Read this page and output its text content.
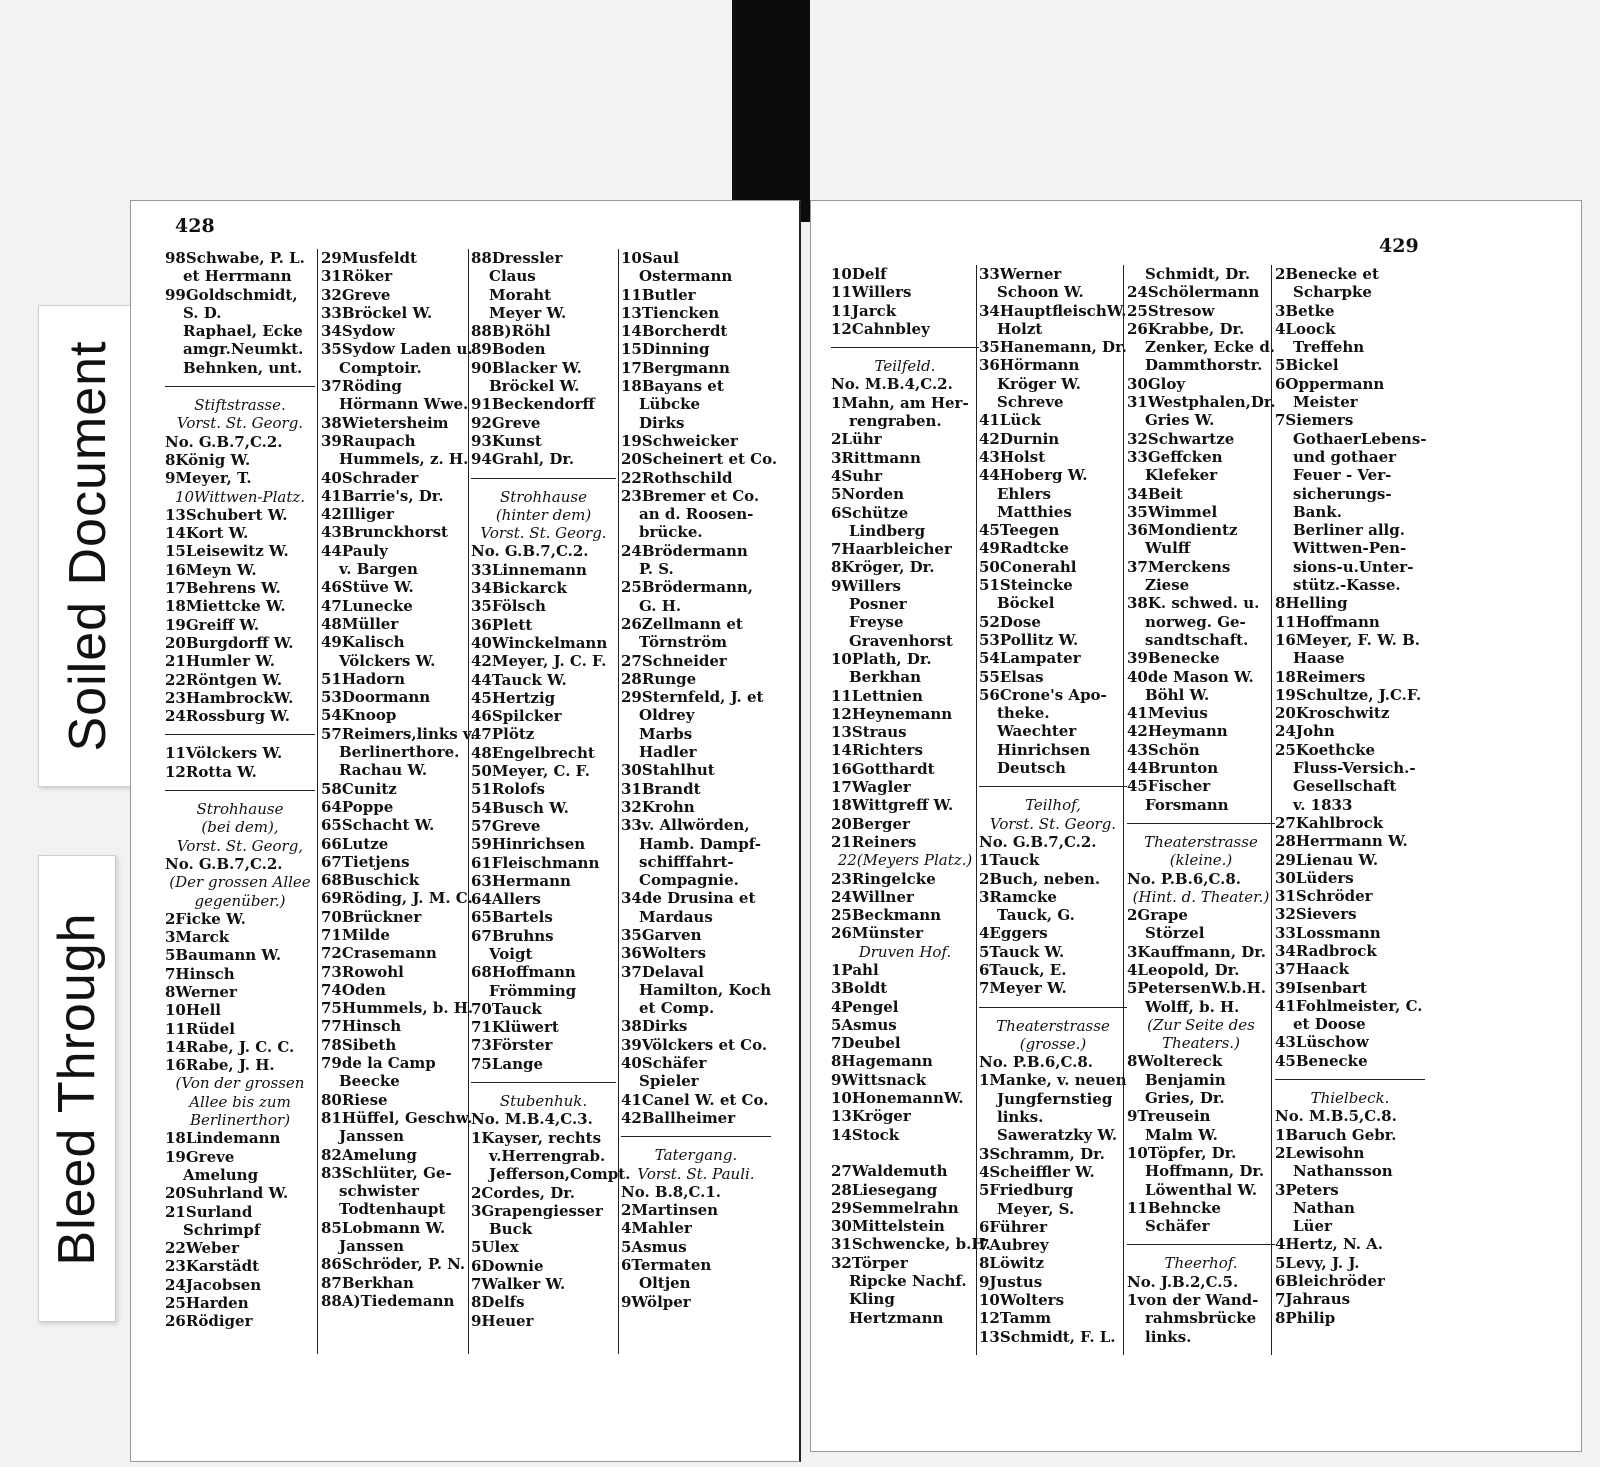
Soiled Document
Bleed Through
428
98Schwabe, P. L.
et Herrmann
99Goldschmidt,
S. D.
Raphael, Ecke
amgr.Neumkt.
Behnken, unt.
Stiftstrasse.
Vorst. St. Georg.
No. G.B.7,C.2.
8König W.
9Meyer, T.
10Wittwen-Platz.
13Schubert W.
14Kort W.
15Leisewitz W.
16Meyn W.
17Behrens W.
18Miettcke W.
19Greiff W.
20Burgdorff W.
21Humler W.
22Röntgen W.
23HambrockW.
24Rossburg W.
11Völckers W.
12Rotta W.
Strohhause
(bei dem),
Vorst. St. Georg,
No. G.B.7,C.2.
(Der grossen Allee
gegenüber.)
2Ficke W.
3Marck
5Baumann W.
7Hinsch
8Werner
10Hell
11Rüdel
14Rabe, J. C. C.
16Rabe, J. H.
(Von der grossen
Allee bis zum
Berlinerthor)
18Lindemann
19Greve
Amelung
20Suhrland W.
21Surland
Schrimpf
22Weber
23Karstädt
24Jacobsen
25Harden
26Rödiger
29Musfeldt
31Röker
32Greve
33Bröckel W.
34Sydow
35Sydow Laden u.
Comptoir.
37Röding
Hörmann Wwe.
38Wietersheim
39Raupach
Hummels, z. H.
40Schrader
41Barrie's, Dr.
42Illiger
43Brunckhorst
44Pauly
v. Bargen
46Stüve W.
47Lunecke
48Müller
49Kalisch
Völckers W.
51Hadorn
53Doormann
54Knoop
57Reimers,links v.
Berlinerthore.
Rachau W.
58Cunitz
64Poppe
65Schacht W.
66Lutze
67Tietjens
68Buschick
69Röding, J. M. C.
70Brückner
71Milde
72Crasemann
73Rowohl
74Oden
75Hummels, b. H.
77Hinsch
78Sibeth
79de la Camp
Beecke
80Riese
81Hüffel, Geschw.
Janssen
82Amelung
83Schlüter, Ge-
schwister
Todtenhaupt
85Lobmann W.
Janssen
86Schröder, P. N.
87Berkhan
88A)Tiedemann
88Dressler
Claus
Moraht
Meyer W.
88B)Röhl
89Boden
90Blacker W.
Bröckel W.
91Beckendorff
92Greve
93Kunst
94Grahl, Dr.
Strohhause
(hinter dem)
Vorst. St. Georg.
No. G.B.7,C.2.
33Linnemann
34Bickarck
35Fölsch
36Plett
40Winckelmann
42Meyer, J. C. F.
44Tauck W.
45Hertzig
46Spilcker
47Plötz
48Engelbrecht
50Meyer, C. F.
51Rolofs
54Busch W.
57Greve
59Hinrichsen
61Fleischmann
63Hermann
64Allers
65Bartels
67Bruhns
Voigt
68Hoffmann
Frömming
70Tauck
71Klüwert
73Förster
75Lange
Stubenhuk.
No. M.B.4,C.3.
1Kayser, rechts
v.Herrengrab.
Jefferson,Compt.
2Cordes, Dr.
3Grapengiesser
Buck
5Ulex
6Downie
7Walker W.
8Delfs
9Heuer
10Saul
Ostermann
11Butler
13Tiencken
14Borcherdt
15Dinning
17Bergmann
18Bayans et
Lübcke
Dirks
19Schweicker
20Scheinert et Co.
22Rothschild
23Bremer et Co.
an d. Roosen-
brücke.
24Brödermann
P. S.
25Brödermann,
G. H.
26Zellmann et
Törnström
27Schneider
28Runge
29Sternfeld, J. et
Oldrey
Marbs
Hadler
30Stahlhut
31Brandt
32Krohn
33v. Allwörden,
Hamb. Dampf-
schifffahrt-
Compagnie.
34de Drusina et
Mardaus
35Garven
36Wolters
37Delaval
Hamilton, Koch
et Comp.
38Dirks
39Völckers et Co.
40Schäfer
Spieler
41Canel W. et Co.
42Ballheimer
Tatergang.
Vorst. St. Pauli.
No. B.8,C.1.
2Martinsen
4Mahler
5Asmus
6Termaten
Oltjen
9Wölper
429
10Delf
11Willers
11Jarck
12Cahnbley
Teilfeld.
No. M.B.4,C.2.
1Mahn, am Her-
rengraben.
2Lühr
3Rittmann
4Suhr
5Norden
6Schütze
Lindberg
7Haarbleicher
8Kröger, Dr.
9Willers
Posner
Freyse
Gravenhorst
10Plath, Dr.
Berkhan
11Lettnien
12Heynemann
13Straus
14Richters
16Gotthardt
17Wagler
18Wittgreff W.
20Berger
21Reiners
22(Meyers Platz.)
23Ringelcke
24Willner
25Beckmann
26Münster
Druven Hof.
1Pahl
3Boldt
4Pengel
5Asmus
7Deubel
8Hagemann
9Wittsnack
10HonemannW.
13Kröger
14Stock
27Waldemuth
28Liesegang
29Semmelrahn
30Mittelstein
31Schwencke, b.H.
32Törper
Ripcke Nachf.
Kling
Hertzmann
33Werner
Schoon W.
34HauptfleischW.
Holzt
35Hanemann, Dr.
36Hörmann
Kröger W.
Schreve
41Lück
42Durnin
43Holst
44Hoberg W.
Ehlers
Matthies
45Teegen
49Radtcke
50Conerahl
51Steincke
Böckel
52Dose
53Pollitz W.
54Lampater
55Elsas
56Crone's Apo-
theke.
Waechter
Hinrichsen
Deutsch
Teilhof,
Vorst. St. Georg.
No. G.B.7,C.2.
1Tauck
2Buch, neben.
3Ramcke
Tauck, G.
4Eggers
5Tauck W.
6Tauck, E.
7Meyer W.
Theaterstrasse
(grosse.)
No. P.B.6,C.8.
1Manke, v. neuen
Jungfernstieg
links.
Saweratzky W.
3Schramm, Dr.
4Scheiffler W.
5Friedburg
Meyer, S.
6Führer
7Aubrey
8Löwitz
9Justus
10Wolters
12Tamm
13Schmidt, F. L.
Schmidt, Dr.
24Schölermann
25Stresow
26Krabbe, Dr.
Zenker, Ecke d.
Dammthorstr.
30Gloy
31Westphalen,Dr.
Gries W.
32Schwartze
33Geffcken
Klefeker
34Beit
35Wimmel
36Mondientz
Wulff
37Merckens
Ziese
38K. schwed. u.
norweg. Ge-
sandtschaft.
39Benecke
40de Mason W.
Böhl W.
41Mevius
42Heymann
43Schön
44Brunton
45Fischer
Forsmann
Theaterstrasse
(kleine.)
No. P.B.6,C.8.
(Hint. d. Theater.)
2Grape
Störzel
3Kauffmann, Dr.
4Leopold, Dr.
5PetersenW.b.H.
Wolff, b. H.
(Zur Seite des
Theaters.)
8Woltereck
Benjamin
Gries, Dr.
9Treusein
Malm W.
10Töpfer, Dr.
Hoffmann, Dr.
Löwenthal W.
11Behncke
Schäfer
Theerhof.
No. J.B.2,C.5.
1von der Wand-
rahmsbrücke
links.
2Benecke et
Scharpke
3Betke
4Loock
Treffehn
5Bickel
6Oppermann
Meister
7Siemers
GothaerLebens-
und gothaer
Feuer - Ver-
sicherungs-
Bank.
Berliner allg.
Wittwen-Pen-
sions-u.Unter-
stütz.-Kasse.
8Helling
11Hoffmann
16Meyer, F. W. B.
Haase
18Reimers
19Schultze, J.C.F.
20Kroschwitz
24John
25Koethcke
Fluss-Versich.-
Gesellschaft
v. 1833
27Kahlbrock
28Herrmann W.
29Lienau W.
30Lüders
31Schröder
32Sievers
33Lossmann
34Radbrock
37Haack
39Isenbart
41Fohlmeister, C.
et Doose
43Lüschow
45Benecke
Thielbeck.
No. M.B.5,C.8.
1Baruch Gebr.
2Lewisohn
Nathansson
3Peters
Nathan
Lüer
4Hertz, N. A.
5Levy, J. J.
6Bleichröder
7Jahraus
8Philip
